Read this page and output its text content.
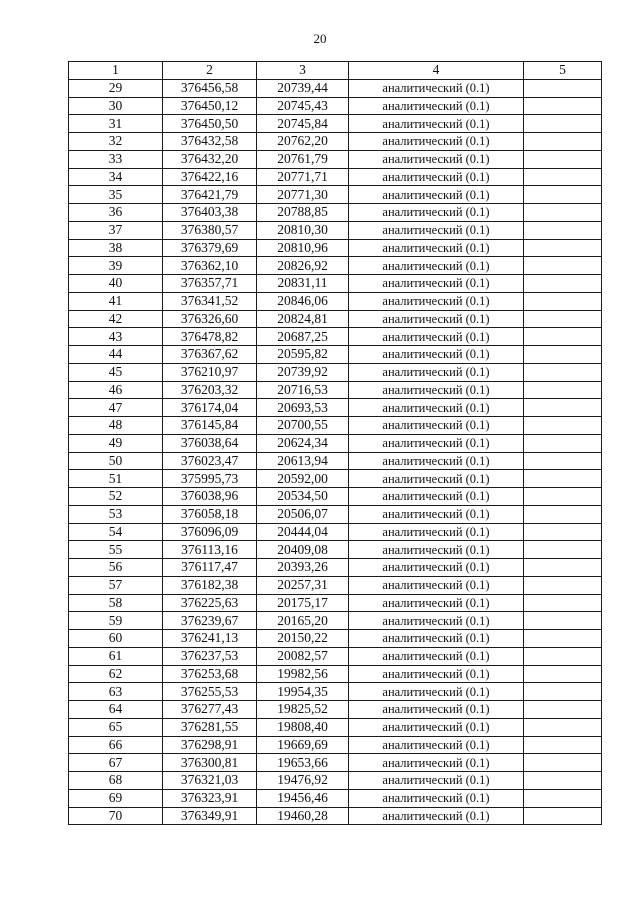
20
1	2	3	4	5
29	376456,58	20739,44	аналитический (0.1)	
30	376450,12	20745,43	аналитический (0.1)	
31	376450,50	20745,84	аналитический (0.1)	
32	376432,58	20762,20	аналитический (0.1)	
33	376432,20	20761,79	аналитический (0.1)	
34	376422,16	20771,71	аналитический (0.1)	
35	376421,79	20771,30	аналитический (0.1)	
36	376403,38	20788,85	аналитический (0.1)	
37	376380,57	20810,30	аналитический (0.1)	
38	376379,69	20810,96	аналитический (0.1)	
39	376362,10	20826,92	аналитический (0.1)	
40	376357,71	20831,11	аналитический (0.1)	
41	376341,52	20846,06	аналитический (0.1)	
42	376326,60	20824,81	аналитический (0.1)	
43	376478,82	20687,25	аналитический (0.1)	
44	376367,62	20595,82	аналитический (0.1)	
45	376210,97	20739,92	аналитический (0.1)	
46	376203,32	20716,53	аналитический (0.1)	
47	376174,04	20693,53	аналитический (0.1)	
48	376145,84	20700,55	аналитический (0.1)	
49	376038,64	20624,34	аналитический (0.1)	
50	376023,47	20613,94	аналитический (0.1)	
51	375995,73	20592,00	аналитический (0.1)	
52	376038,96	20534,50	аналитический (0.1)	
53	376058,18	20506,07	аналитический (0.1)	
54	376096,09	20444,04	аналитический (0.1)	
55	376113,16	20409,08	аналитический (0.1)	
56	376117,47	20393,26	аналитический (0.1)	
57	376182,38	20257,31	аналитический (0.1)	
58	376225,63	20175,17	аналитический (0.1)	
59	376239,67	20165,20	аналитический (0.1)	
60	376241,13	20150,22	аналитический (0.1)	
61	376237,53	20082,57	аналитический (0.1)	
62	376253,68	19982,56	аналитический (0.1)	
63	376255,53	19954,35	аналитический (0.1)	
64	376277,43	19825,52	аналитический (0.1)	
65	376281,55	19808,40	аналитический (0.1)	
66	376298,91	19669,69	аналитический (0.1)	
67	376300,81	19653,66	аналитический (0.1)	
68	376321,03	19476,92	аналитический (0.1)	
69	376323,91	19456,46	аналитический (0.1)	
70	376349,91	19460,28	аналитический (0.1)	
